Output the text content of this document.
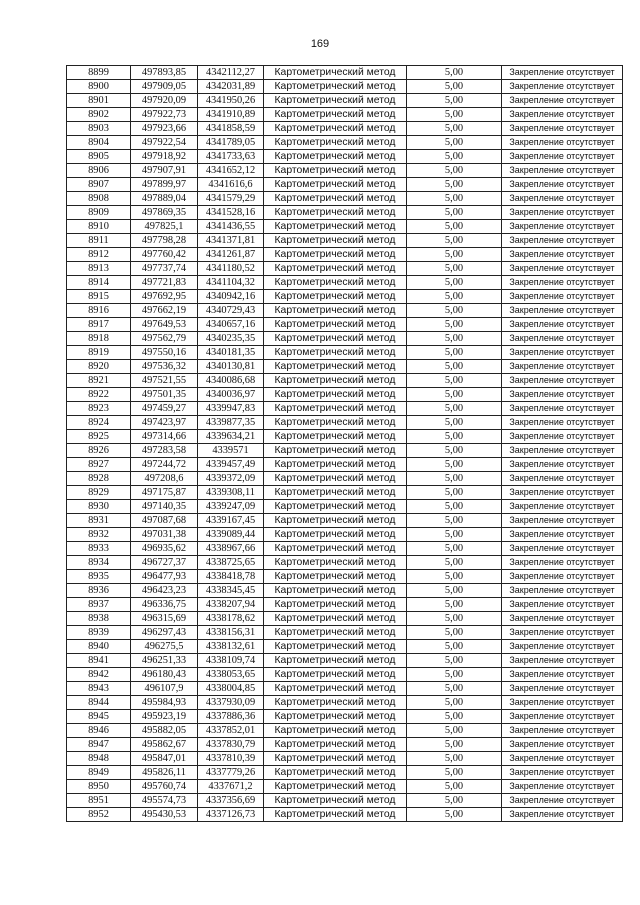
169
8899	497893,85	4342112,27	Картометрический метод	5,00	Закрепление отсутствует
8900	497909,05	4342031,89	Картометрический метод	5,00	Закрепление отсутствует
8901	497920,09	4341950,26	Картометрический метод	5,00	Закрепление отсутствует
8902	497922,73	4341910,89	Картометрический метод	5,00	Закрепление отсутствует
8903	497923,66	4341858,59	Картометрический метод	5,00	Закрепление отсутствует
8904	497922,54	4341789,05	Картометрический метод	5,00	Закрепление отсутствует
8905	497918,92	4341733,63	Картометрический метод	5,00	Закрепление отсутствует
8906	497907,91	4341652,12	Картометрический метод	5,00	Закрепление отсутствует
8907	497899,97	4341616,6	Картометрический метод	5,00	Закрепление отсутствует
8908	497889,04	4341579,29	Картометрический метод	5,00	Закрепление отсутствует
8909	497869,35	4341528,16	Картометрический метод	5,00	Закрепление отсутствует
8910	497825,1	4341436,55	Картометрический метод	5,00	Закрепление отсутствует
8911	497798,28	4341371,81	Картометрический метод	5,00	Закрепление отсутствует
8912	497760,42	4341261,87	Картометрический метод	5,00	Закрепление отсутствует
8913	497737,74	4341180,52	Картометрический метод	5,00	Закрепление отсутствует
8914	497721,83	4341104,32	Картометрический метод	5,00	Закрепление отсутствует
8915	497692,95	4340942,16	Картометрический метод	5,00	Закрепление отсутствует
8916	497662,19	4340729,43	Картометрический метод	5,00	Закрепление отсутствует
8917	497649,53	4340657,16	Картометрический метод	5,00	Закрепление отсутствует
8918	497562,79	4340235,35	Картометрический метод	5,00	Закрепление отсутствует
8919	497550,16	4340181,35	Картометрический метод	5,00	Закрепление отсутствует
8920	497536,32	4340130,81	Картометрический метод	5,00	Закрепление отсутствует
8921	497521,55	4340086,68	Картометрический метод	5,00	Закрепление отсутствует
8922	497501,35	4340036,97	Картометрический метод	5,00	Закрепление отсутствует
8923	497459,27	4339947,83	Картометрический метод	5,00	Закрепление отсутствует
8924	497423,97	4339877,35	Картометрический метод	5,00	Закрепление отсутствует
8925	497314,66	4339634,21	Картометрический метод	5,00	Закрепление отсутствует
8926	497283,58	4339571	Картометрический метод	5,00	Закрепление отсутствует
8927	497244,72	4339457,49	Картометрический метод	5,00	Закрепление отсутствует
8928	497208,6	4339372,09	Картометрический метод	5,00	Закрепление отсутствует
8929	497175,87	4339308,11	Картометрический метод	5,00	Закрепление отсутствует
8930	497140,35	4339247,09	Картометрический метод	5,00	Закрепление отсутствует
8931	497087,68	4339167,45	Картометрический метод	5,00	Закрепление отсутствует
8932	497031,38	4339089,44	Картометрический метод	5,00	Закрепление отсутствует
8933	496935,62	4338967,66	Картометрический метод	5,00	Закрепление отсутствует
8934	496727,37	4338725,65	Картометрический метод	5,00	Закрепление отсутствует
8935	496477,93	4338418,78	Картометрический метод	5,00	Закрепление отсутствует
8936	496423,23	4338345,45	Картометрический метод	5,00	Закрепление отсутствует
8937	496336,75	4338207,94	Картометрический метод	5,00	Закрепление отсутствует
8938	496315,69	4338178,62	Картометрический метод	5,00	Закрепление отсутствует
8939	496297,43	4338156,31	Картометрический метод	5,00	Закрепление отсутствует
8940	496275,5	4338132,61	Картометрический метод	5,00	Закрепление отсутствует
8941	496251,33	4338109,74	Картометрический метод	5,00	Закрепление отсутствует
8942	496180,43	4338053,65	Картометрический метод	5,00	Закрепление отсутствует
8943	496107,9	4338004,85	Картометрический метод	5,00	Закрепление отсутствует
8944	495984,93	4337930,09	Картометрический метод	5,00	Закрепление отсутствует
8945	495923,19	4337886,36	Картометрический метод	5,00	Закрепление отсутствует
8946	495882,05	4337852,01	Картометрический метод	5,00	Закрепление отсутствует
8947	495862,67	4337830,79	Картометрический метод	5,00	Закрепление отсутствует
8948	495847,01	4337810,39	Картометрический метод	5,00	Закрепление отсутствует
8949	495826,11	4337779,26	Картометрический метод	5,00	Закрепление отсутствует
8950	495760,74	4337671,2	Картометрический метод	5,00	Закрепление отсутствует
8951	495574,73	4337356,69	Картометрический метод	5,00	Закрепление отсутствует
8952	495430,53	4337126,73	Картометрический метод	5,00	Закрепление отсутствует
